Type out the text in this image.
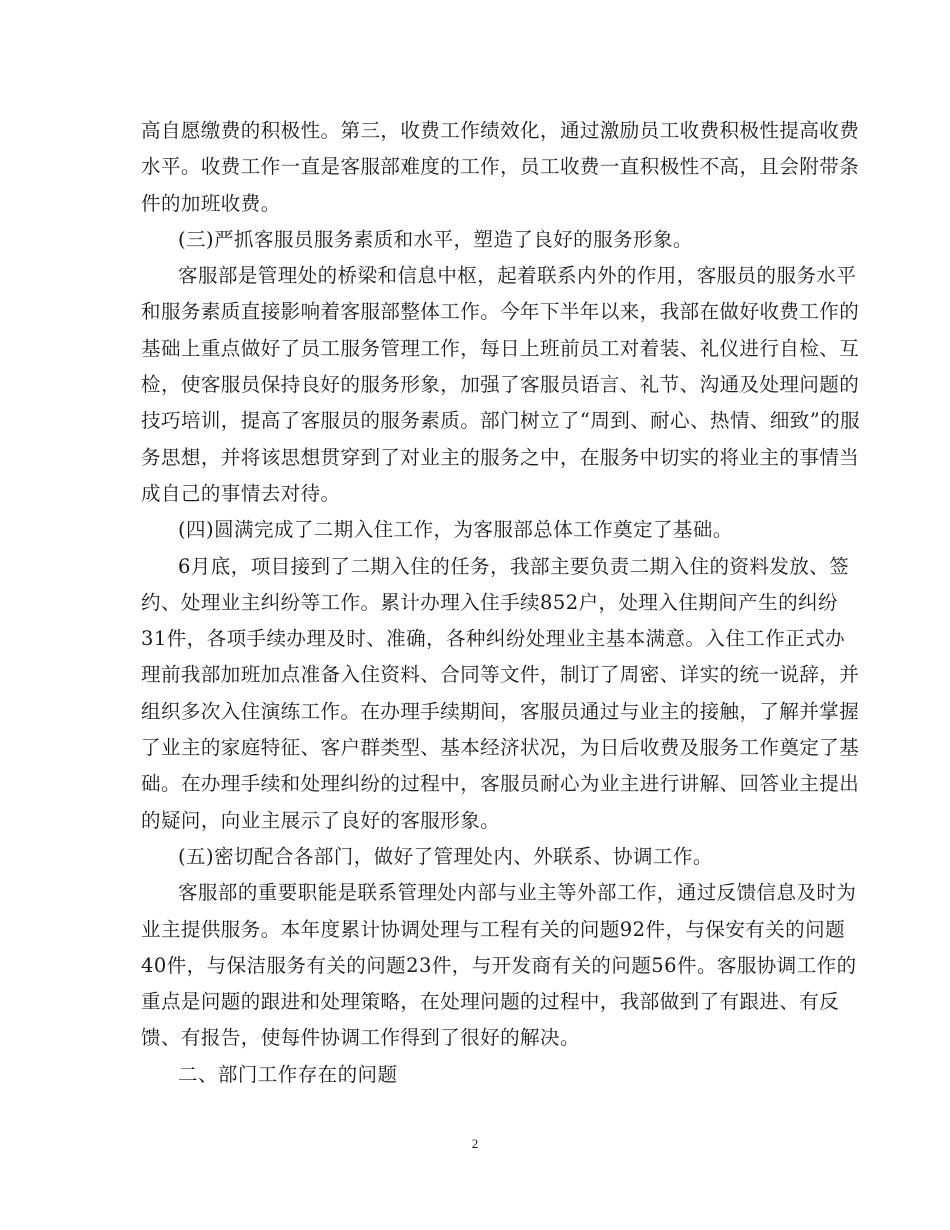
高自愿缴费的积极性。第三，收费工作绩效化，通过激励员工收费积极性提高收费
水平。收费工作一直是客服部难度的工作，员工收费一直积极性不高，且会附带条
件的加班收费。
(三)严抓客服员服务素质和水平，塑造了良好的服务形象。
客服部是管理处的桥梁和信息中枢，起着联系内外的作用，客服员的服务水平
和服务素质直接影响着客服部整体工作。今年下半年以来，我部在做好收费工作的
基础上重点做好了员工服务管理工作，每日上班前员工对着装、礼仪进行自检、互
检，使客服员保持良好的服务形象，加强了客服员语言、礼节、沟通及处理问题的
技巧培训，提高了客服员的服务素质。部门树立了“周到、耐心、热情、细致”的服
务思想，并将该思想贯穿到了对业主的服务之中，在服务中切实的将业主的事情当
成自己的事情去对待。
(四)圆满完成了二期入住工作，为客服部总体工作奠定了基础。
6月底，项目接到了二期入住的任务，我部主要负责二期入住的资料发放、签
约、处理业主纠纷等工作。累计办理入住手续852户，处理入住期间产生的纠纷
31件，各项手续办理及时、准确，各种纠纷处理业主基本满意。入住工作正式办
理前我部加班加点准备入住资料、合同等文件，制订了周密、详实的统一说辞，并
组织多次入住演练工作。在办理手续期间，客服员通过与业主的接触，了解并掌握
了业主的家庭特征、客户群类型、基本经济状况，为日后收费及服务工作奠定了基
础。在办理手续和处理纠纷的过程中，客服员耐心为业主进行讲解、回答业主提出
的疑问，向业主展示了良好的客服形象。
(五)密切配合各部门，做好了管理处内、外联系、协调工作。
客服部的重要职能是联系管理处内部与业主等外部工作，通过反馈信息及时为
业主提供服务。本年度累计协调处理与工程有关的问题92件，与保安有关的问题
40件，与保洁服务有关的问题23件，与开发商有关的问题56件。客服协调工作的
重点是问题的跟进和处理策略，在处理问题的过程中，我部做到了有跟进、有反
馈、有报告，使每件协调工作得到了很好的解决。
二、部门工作存在的问题
2
